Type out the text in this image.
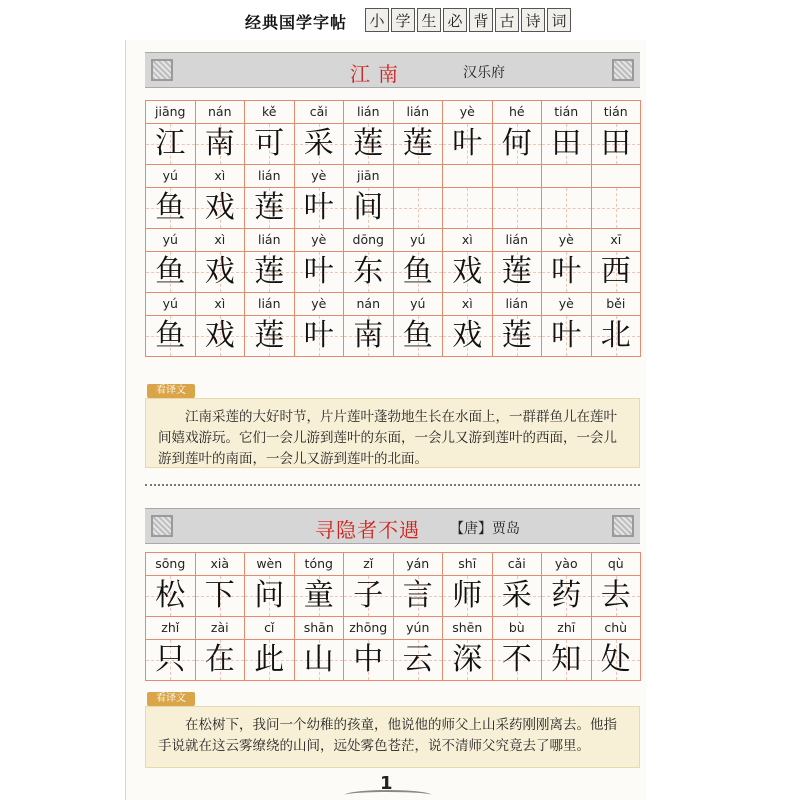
经典国学字帖 小 学 生 必 背 古 诗 词
江南	汉乐府
jiāng	nán	kě	cǎi	lián	lián	yè	hé	tián	tián
江 南 可 采 莲 莲 叶 何 田 田
yú	xì	lián	yè	jiān
鱼 戏 莲 叶 间
yú	xì	lián	yè	dōng	yú	xì	lián	yè	xī
鱼 戏 莲 叶 东 鱼 戏 莲 叶 西
yú	xì	lián	yè	nán	yú	xì	lián	yè	běi
鱼 戏 莲 叶 南 鱼 戏 莲 叶 北
看译文

江南采莲的大好时节，片片莲叶蓬勃地生长在水面上，一群群鱼儿在莲叶间嬉戏游玩。它们一会儿游到莲叶的东面，一会儿又游到莲叶的西面，一会儿游到莲叶的南面，一会儿又游到莲叶的北面。

寻隐者不遇 【唐】贾岛
sōng	xià	wèn	tóng	zǐ	yán	shī	cǎi	yào	qù
松 下 问 童 子 言 师 采 药 去
zhǐ	zài	cǐ	shān	zhōng	yún	shēn	bù	zhī	chù
只 在 此 山 中 云 深 不 知 处
看译文

在松树下，我问一个幼稚的孩童，他说他的师父上山采药刚刚离去。他指手说就在这云雾缭绕的山间，远处雾色苍茫，说不清师父究竟去了哪里。

1
